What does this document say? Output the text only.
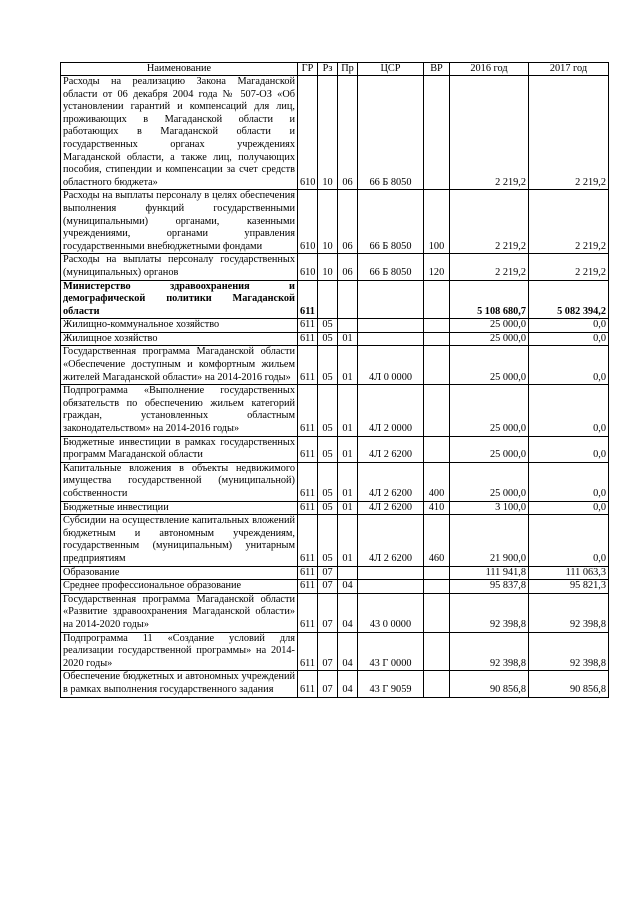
Наименование	ГР	Рз	Пр	ЦСР	ВР	2016 год	2017 год
Расходы на реализацию Закона Магаданской области от 06 декабря 2004 года № 507-ОЗ «Об установлении гарантий и компенсаций для лиц, проживающих в Магаданской области и работающих в Магаданской области и государственных органах учреждениях Магаданской области, а также лиц, получающих пособия, стипендии и компенсации за счет средств областного бюджета»	610	10	06	66 Б 8050		2 219,2	2 219,2
Расходы на выплаты персоналу в целях обеспечения выполнения функций государственными (муниципальными) органами, казенными учреждениями, органами управления государственными внебюджетными фондами	610	10	06	66 Б 8050	100	2 219,2	2 219,2
Расходы на выплаты персоналу государственных (муниципальных) органов	610	10	06	66 Б 8050	120	2 219,2	2 219,2
Министерство здравоохранения и демографической политики Магаданской области	611					5 108 680,7	5 082 394,2
Жилищно-коммунальное хозяйство	611	05				25 000,0	0,0
Жилищное хозяйство	611	05	01			25 000,0	0,0
Государственная программа Магаданской области «Обеспечение доступным и комфортным жильем жителей Магаданской области» на 2014-2016 годы»	611	05	01	4Л 0 0000		25 000,0	0,0
Подпрограмма «Выполнение государственных обязательств по обеспечению жильем категорий граждан, установленных областным законодательством» на 2014-2016 годы»	611	05	01	4Л 2 0000		25 000,0	0,0
Бюджетные инвестиции в рамках государственных программ Магаданской области	611	05	01	4Л 2 6200		25 000,0	0,0
Капитальные вложения в объекты недвижимого имущества государственной (муниципальной) собственности	611	05	01	4Л 2 6200	400	25 000,0	0,0
Бюджетные инвестиции	611	05	01	4Л 2 6200	410	3 100,0	0,0
Субсидии на осуществление капитальных вложений бюджетным и автономным учреждениям, государственным (муниципальным) унитарным предприятиям	611	05	01	4Л 2 6200	460	21 900,0	0,0
Образование	611	07				111 941,8	111 063,3
Среднее профессиональное образование	611	07	04			95 837,8	95 821,3
Государственная программа Магаданской области «Развитие здравоохранения Магаданской области» на 2014-2020 годы»	611	07	04	43 0 0000		92 398,8	92 398,8
Подпрограмма 11 «Создание условий для реализации государственной программы» на 2014-2020 годы»	611	07	04	43 Г 0000		92 398,8	92 398,8
Обеспечение бюджетных и автономных учреждений в рамках выполнения государственного задания	611	07	04	43 Г 9059		90 856,8	90 856,8
